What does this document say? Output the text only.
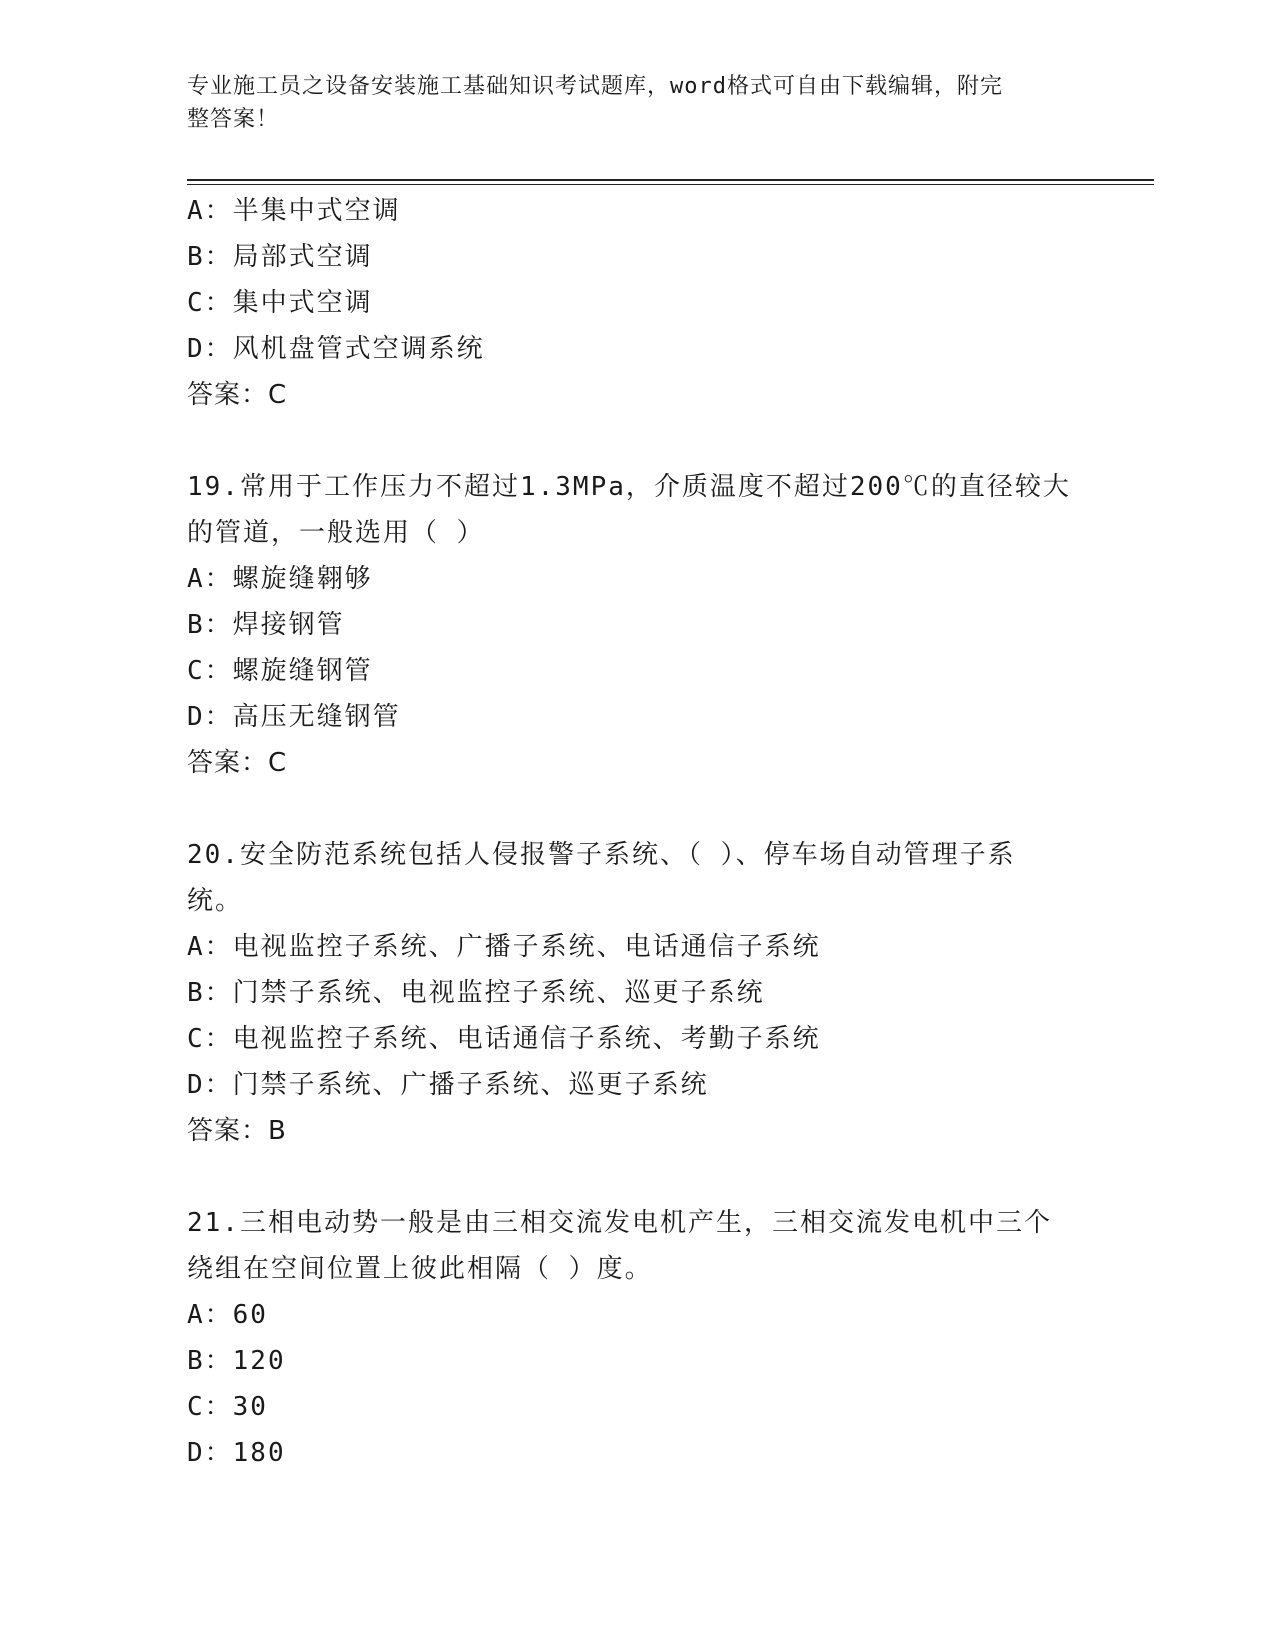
专业施工员之设备安装施工基础知识考试题库，word格式可自由下载编辑，附完
整答案！
A：半集中式空调
B：局部式空调
C：集中式空调
D：风机盘管式空调系统
答案：C
19.常用于工作压力不超过1.3MPa，介质温度不超过200℃的直径较大
的管道，一般选用（ ）
A：螺旋缝翱够
B：焊接钢管
C：螺旋缝钢管
D：高压无缝钢管
答案：C
20.安全防范系统包括人侵报警子系统、（ ）、停车场自动管理子系
统。
A：电视监控子系统、广播子系统、电话通信子系统
B：门禁子系统、电视监控子系统、巡更子系统
C：电视监控子系统、电话通信子系统、考勤子系统
D：门禁子系统、广播子系统、巡更子系统
答案：B
21.三相电动势一般是由三相交流发电机产生，三相交流发电机中三个
绕组在空间位置上彼此相隔（ ）度。
A：60
B：120
C：30
D：180
